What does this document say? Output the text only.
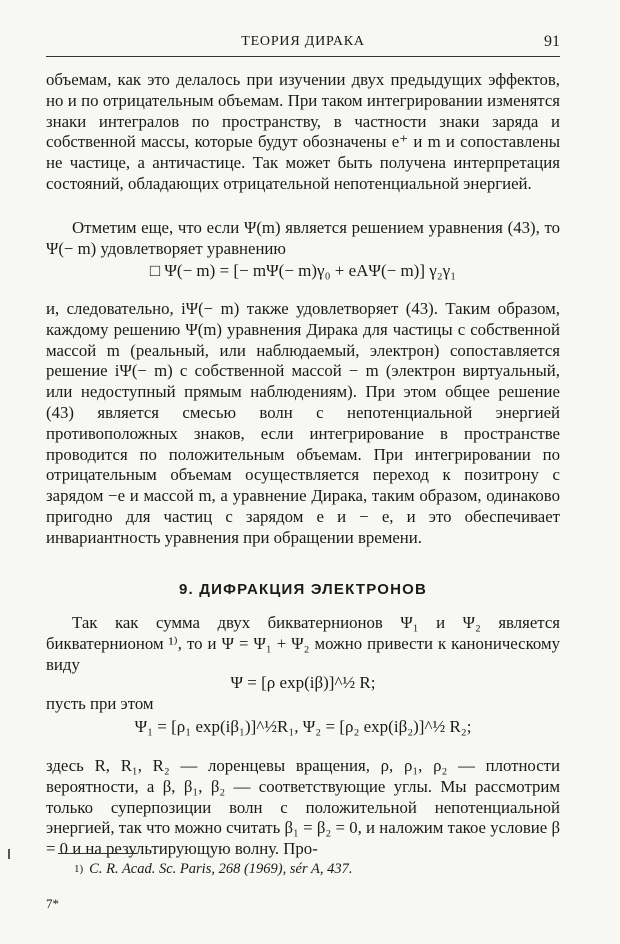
ТЕОРИЯ ДИРАКА	91

объемам, как это делалось при изучении двух предыдущих эффектов, но и по отрицательным объемам. При таком интегрировании изменятся знаки интегралов по пространству, в частности знаки заряда и собственной массы, которые будут обозначены e⁺ и m и сопоставлены не частице, а античастице. Так может быть получена интерпретация состояний, обладающих отрицательной непотенциальной энергией.

Отметим еще, что если Ψ(m) является решением уравнения (43), то Ψ(− m) удовлетворяет уравнению

□ Ψ(− m) = [− mΨ(− m)γ₀ + eAΨ(− m)] γ₂γ₁

и, следовательно, iΨ(− m) также удовлетворяет (43). Таким образом, каждому решению Ψ(m) уравнения Дирака для частицы с собственной массой m (реальный, или наблюдаемый, электрон) сопоставляется решение iΨ(− m) с собственной массой − m (электрон виртуальный, или недоступный прямым наблюдениям). При этом общее решение (43) является смесью волн с непотенциальной энергией противоположных знаков, если интегрирование в пространстве проводится по положительным объемам. При интегрировании по отрицательным объемам осуществляется переход к позитрону с зарядом −e и массой m, а уравнение Дирака, таким образом, одинаково пригодно для частиц с зарядом e и − e, и это обеспечивает инвариантность уравнения при обращении времени.

9. ДИФРАКЦИЯ ЭЛЕКТРОНОВ

Так как сумма двух бикватернионов Ψ₁ и Ψ₂ является бикватернионом ¹⁾, то и Ψ = Ψ₁ + Ψ₂ можно привести к каноническому виду

Ψ = [ρ exp(iβ)]^½ R;

пусть при этом

Ψ₁ = [ρ₁ exp(iβ₁)]^½R₁, Ψ₂ = [ρ₂ exp(iβ₂)]^½ R₂;

здесь R, R₁, R₂ — лоренцевы вращения, ρ, ρ₁, ρ₂ — плотности вероятности, а β, β₁, β₂ — соответствующие углы. Мы рассмотрим только суперпозиции волн с положительной непотенциальной энергией, так что можно считать β₁ = β₂ = 0, и наложим такое условие β = 0 и на результирующую волну. Про-

$^{1)}$ C. R. Acad. Sc. Paris, 268 (1969), sér A, 437.

7*
